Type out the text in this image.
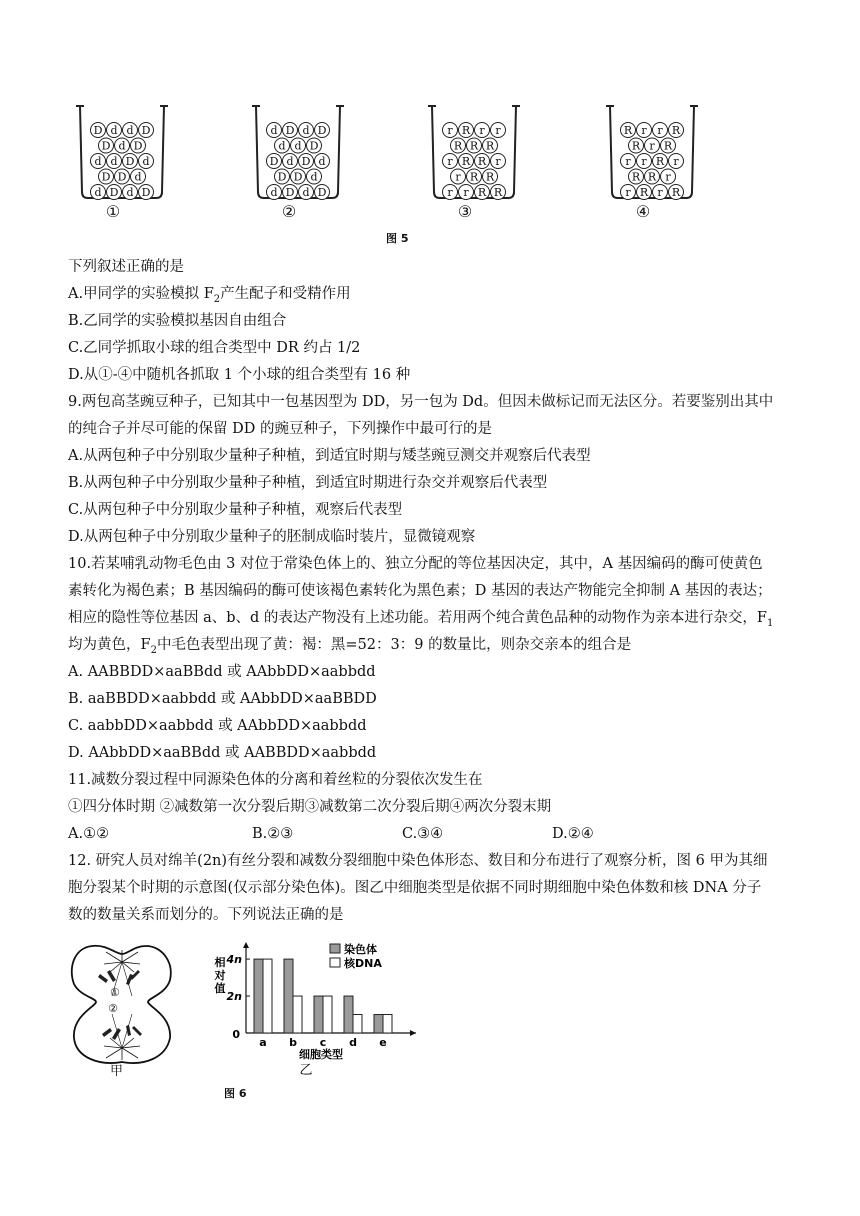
D d d D
D d D
d d D d
D D d
d D d D
d D d D
d d D
D d D d
D D d
d D d D
r R r r
R R R
r R R r
r R R
r r R R
R r r R
R r R
r r R r
R R r
r R r R
①	②	③	④
图 5
下列叙述正确的是
A.甲同学的实验模拟 $F_2$产生配子和受精作用
B.乙同学的实验模拟基因自由组合
C.乙同学抓取小球的组合类型中 DR 约占 1/2
D.从①-④中随机各抓取 1 个小球的组合类型有 16 种
9.两包高茎豌豆种子，已知其中一包基因型为 DD，另一包为 Dd。但因未做标记而无法区分。若要鉴别出其中
的纯合子并尽可能的保留 DD 的豌豆种子，下列操作中最可行的是
A.从两包种子中分别取少量种子种植，到适宜时期与矮茎豌豆测交并观察后代表型
B.从两包种子中分别取少量种子种植，到适宜时期进行杂交并观察后代表型
C.从两包种子中分别取少量种子种植，观察后代表型
D.从两包种子中分别取少量种子的胚制成临时装片，显微镜观察
10.若某哺乳动物毛色由 3 对位于常染色体上的、独立分配的等位基因决定，其中，A 基因编码的酶可使黄色
素转化为褐色素；B 基因编码的酶可使该褐色素转化为黑色素；D 基因的表达产物能完全抑制 A 基因的表达；
相应的隐性等位基因 a、b、d 的表达产物没有上述功能。若用两个纯合黄色品种的动物作为亲本进行杂交，$F_1$
均为黄色，$F_2$中毛色表型出现了黄：褐：黑=52：3：9 的数量比，则杂交亲本的组合是
A. AABBDD×aaBBdd 或 AAbbDD×aabbdd
B. aaBBDD×aabbdd 或 AAbbDD×aaBBDD
C. aabbDD×aabbdd 或 AAbbDD×aabbdd
D. AAbbDD×aaBBdd 或 AABBDD×aabbdd
11.减数分裂过程中同源染色体的分离和着丝粒的分裂依次发生在
①四分体时期 ②减数第一次分裂后期③减数第二次分裂后期④两次分裂末期
A.①②	B.②③	C.③④	D.②④
12. 研究人员对绵羊(2n)有丝分裂和减数分裂细胞中染色体形态、数目和分布进行了观察分析，图 6 甲为其细
胞分裂某个时期的示意图(仅示部分染色体)。图乙中细胞类型是依据不同时期细胞中染色体数和核 DNA 分子
数的数量关系而划分的。下列说法正确的是
①
②
甲
相对值
细胞类型
乙
0
染色体
核DNA
2n
4n
a b c d e
图 6
